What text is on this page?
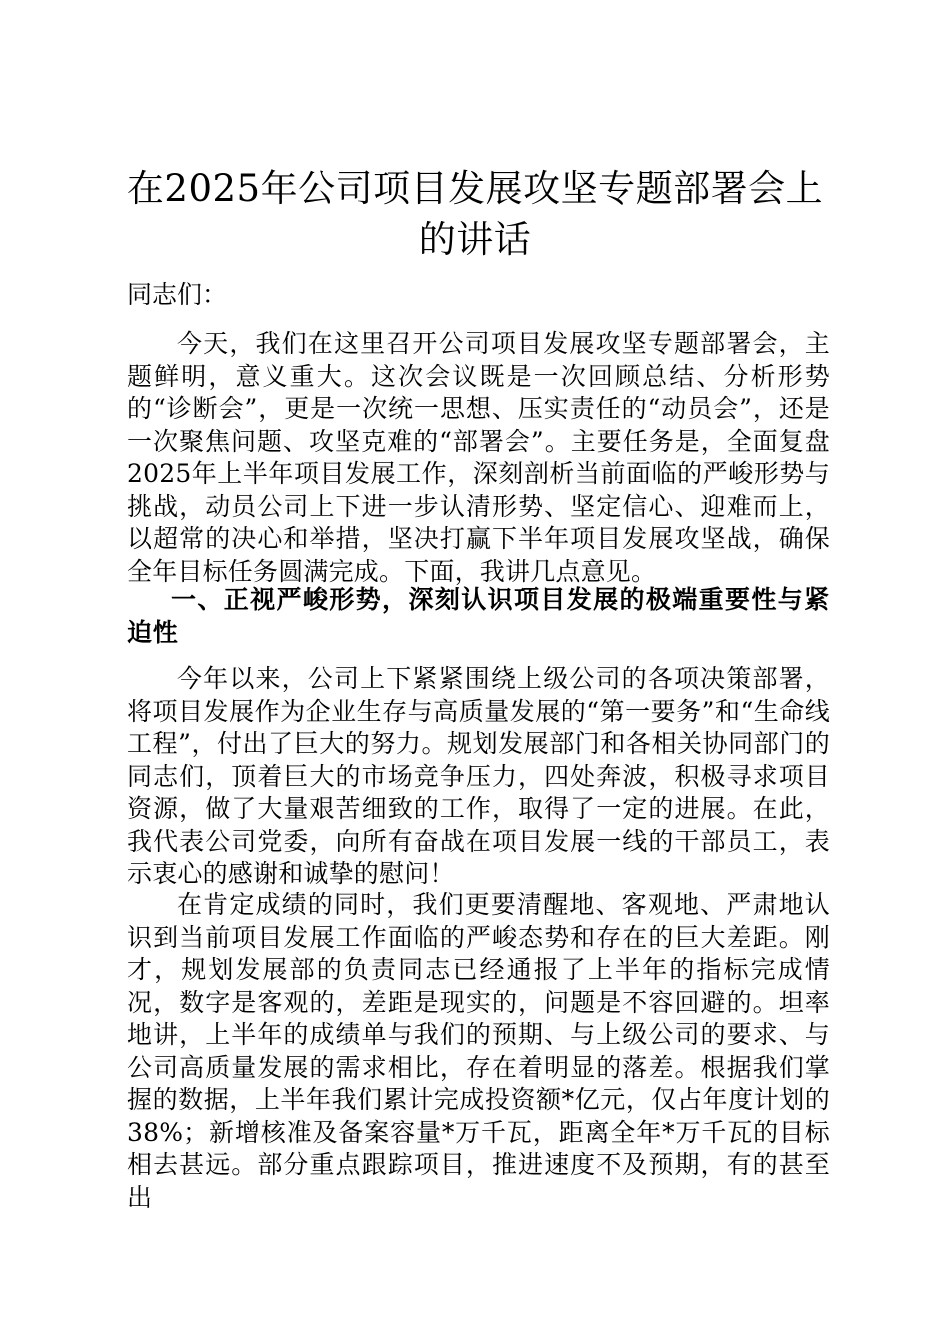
在2025年公司项目发展攻坚专题部署会上的讲话
同志们：

今天，我们在这里召开公司项目发展攻坚专题部署会，主题鲜明，意义重大。这次会议既是一次回顾总结、分析形势的“诊断会”，更是一次统一思想、压实责任的“动员会”，还是一次聚焦问题、攻坚克难的“部署会”。主要任务是，全面复盘2025年上半年项目发展工作，深刻剖析当前面临的严峻形势与挑战，动员公司上下进一步认清形势、坚定信心、迎难而上，以超常的决心和举措，坚决打赢下半年项目发展攻坚战，确保全年目标任务圆满完成。下面，我讲几点意见。

一、正视严峻形势，深刻认识项目发展的极端重要性与紧迫性

今年以来，公司上下紧紧围绕上级公司的各项决策部署，将项目发展作为企业生存与高质量发展的“第一要务”和“生命线工程”，付出了巨大的努力。规划发展部门和各相关协同部门的同志们，顶着巨大的市场竞争压力，四处奔波，积极寻求项目资源，做了大量艰苦细致的工作，取得了一定的进展。在此，我代表公司党委，向所有奋战在项目发展一线的干部员工，表示衷心的感谢和诚挚的慰问！

在肯定成绩的同时，我们更要清醒地、客观地、严肃地认识到当前项目发展工作面临的严峻态势和存在的巨大差距。刚才，规划发展部的负责同志已经通报了上半年的指标完成情况，数字是客观的，差距是现实的，问题是不容回避的。坦率地讲，上半年的成绩单与我们的预期、与上级公司的要求、与公司高质量发展的需求相比，存在着明显的落差。根据我们掌握的数据，上半年我们累计完成投资额*亿元，仅占年度计划的38%；新增核准及备案容量*万千瓦，距离全年*万千瓦的目标相去甚远。部分重点跟踪项目，推进速度不及预期，有的甚至出
